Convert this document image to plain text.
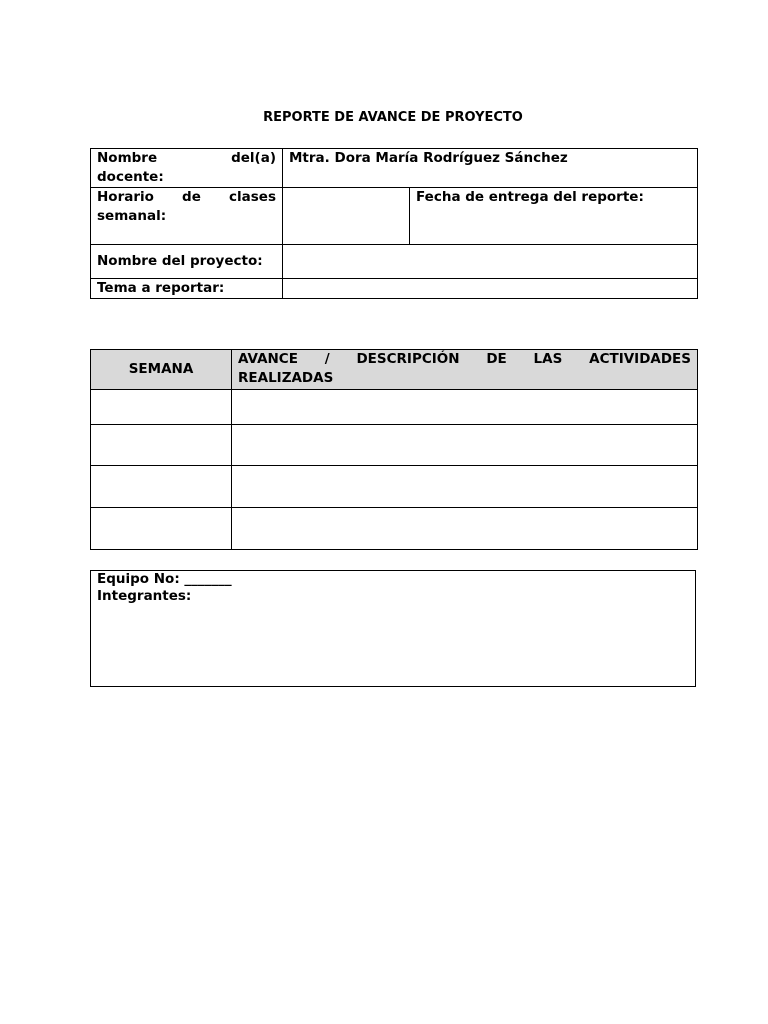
REPORTE DE AVANCE DE PROYECTO
Nombre del(a)
docente:	Mtra. Dora María Rodríguez Sánchez	

Horario de clases
semanal:		Fecha de entrega del reporte:
Nombre del proyecto:		
Tema a reportar:		
SEMANA	AVANCE / DESCRIPCIÓN DE LAS ACTIVIDADES
REALIZADAS

Equipo No: _______
Integrantes:
